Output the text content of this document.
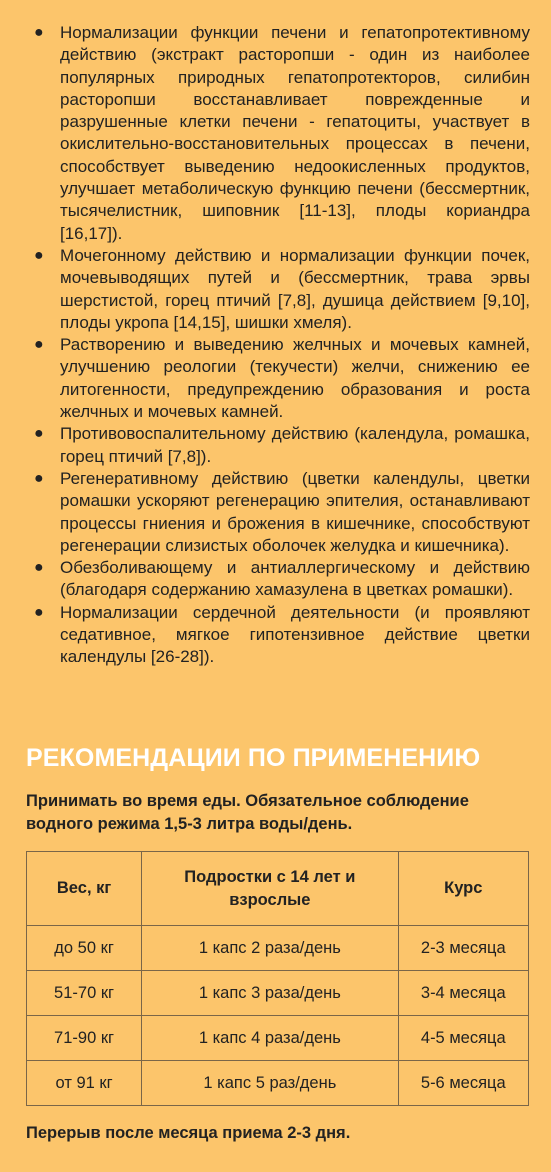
● Нормализации функции печени и гепатопротективному действию (экстракт расторопши - один из наиболее популярных природных гепатопротекторов, силибин расторопши восстанавливает поврежденные и разрушенные клетки печени - гепатоциты, участвует в окислительно-восстановительных процессах в печени, способствует выведению недоокисленных продуктов, улучшает метаболическую функцию печени (бессмертник, тысячелистник, шиповник [11-13], плоды кориандра [16,17]).
● Мочегонному действию и нормализации функции почек, мочевыводящих путей и (бессмертник, трава эрвы шерстистой, горец птичий [7,8], душица действием [9,10], плоды укропа [14,15], шишки хмеля).
● Растворению и выведению желчных и мочевых камней, улучшению реологии (текучести) желчи, снижению ее литогенности, предупреждению образования и роста желчных и мочевых камней.
● Противовоспалительному действию (календула, ромашка, горец птичий [7,8]).
● Регенеративному действию (цветки календулы, цветки ромашки ускоряют регенерацию эпителия, останавливают процессы гниения и брожения в кишечнике, способствуют регенерации слизистых оболочек желудка и кишечника).
● Обезболивающему и антиаллергическому и действию (благодаря содержанию хамазулена в цветках ромашки).
● Нормализации сердечной деятельности (и проявляют седативное, мягкое гипотензивное действие цветки календулы [26-28]).
РЕКОМЕНДАЦИИ ПО ПРИМЕНЕНИЮ
Принимать во время еды. Обязательное соблюдение водного режима 1,5-3 литра воды/день.
Вес, кг	Подростки с 14 лет и взрослые	Курс
до 50 кг	1 капс 2 раза/день	2-3 месяца
51-70 кг	1 капс 3 раза/день	3-4 месяца
71-90 кг	1 капс 4 раза/день	4-5 месяца
от 91 кг	1 капс 5 раз/день	5-6 месяца
Перерыв после месяца приема 2-3 дня.
